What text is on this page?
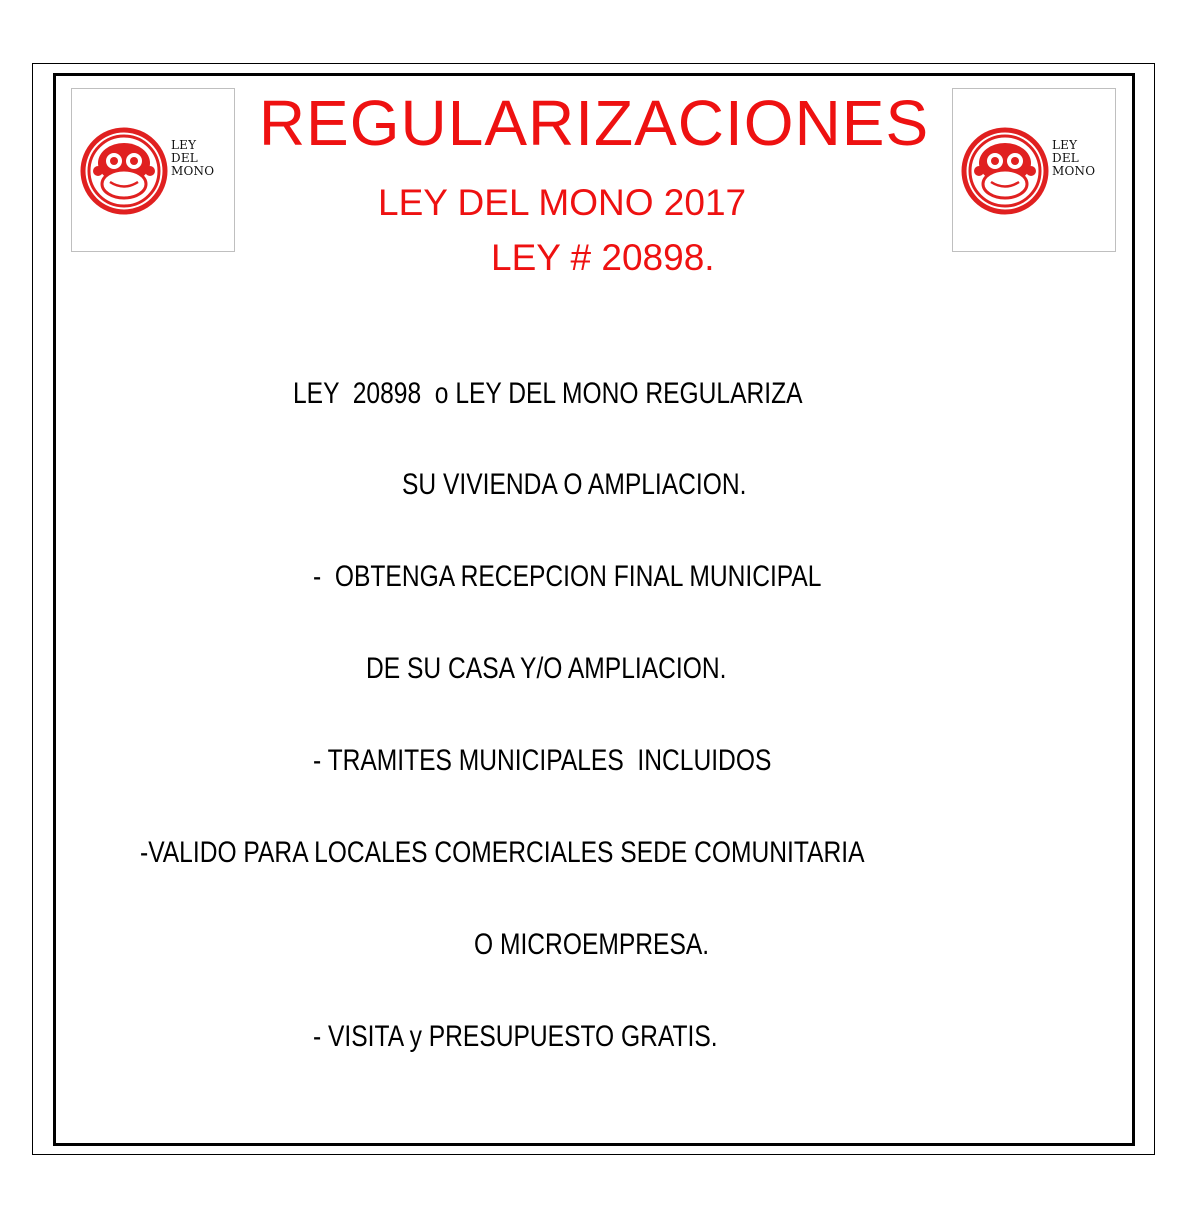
LEY
DEL
MONO
LEY
DEL
MONO
REGULARIZACIONES
LEY DEL MONO 2017
LEY # 20898.
LEY  20898  o LEY DEL MONO REGULARIZA
SU VIVIENDA O AMPLIACION.
-  OBTENGA RECEPCION FINAL MUNICIPAL
DE SU CASA Y/O AMPLIACION.
- TRAMITES MUNICIPALES  INCLUIDOS
-VALIDO PARA LOCALES COMERCIALES SEDE COMUNITARIA
O MICROEMPRESA.
- VISITA y PRESUPUESTO GRATIS.
